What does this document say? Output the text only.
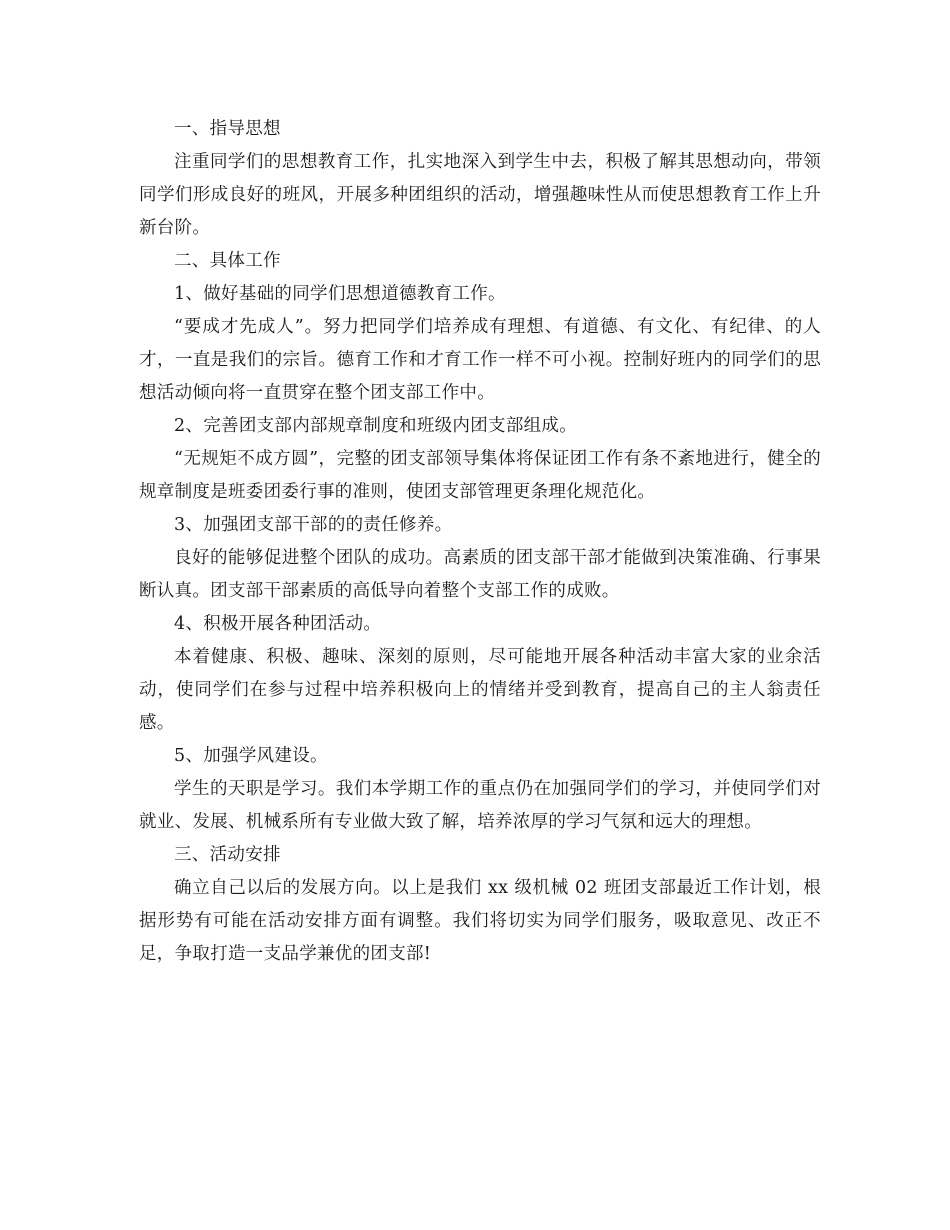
一、指导思想

注重同学们的思想教育工作，扎实地深入到学生中去，积极了解其思想动向，带领同学们形成良好的班风，开展多种团组织的活动，增强趣味性从而使思想教育工作上升新台阶。

二、具体工作

1、做好基础的同学们思想道德教育工作。

“要成才先成人”。努力把同学们培养成有理想、有道德、有文化、有纪律、的人才，一直是我们的宗旨。德育工作和才育工作一样不可小视。控制好班内的同学们的思想活动倾向将一直贯穿在整个团支部工作中。

2、完善团支部内部规章制度和班级内团支部组成。

“无规矩不成方圆”，完整的团支部领导集体将保证团工作有条不紊地进行，健全的规章制度是班委团委行事的准则，使团支部管理更条理化规范化。

3、加强团支部干部的的责任修养。

良好的能够促进整个团队的成功。高素质的团支部干部才能做到决策准确、行事果断认真。团支部干部素质的高低导向着整个支部工作的成败。

4、积极开展各种团活动。

本着健康、积极、趣味、深刻的原则，尽可能地开展各种活动丰富大家的业余活动，使同学们在参与过程中培养积极向上的情绪并受到教育，提高自己的主人翁责任感。

5、加强学风建设。

学生的天职是学习。我们本学期工作的重点仍在加强同学们的学习，并使同学们对就业、发展、机械系所有专业做大致了解，培养浓厚的学习气氛和远大的理想。

三、活动安排

确立自己以后的发展方向。以上是我们 xx 级机械 02 班团支部最近工作计划，根据形势有可能在活动安排方面有调整。我们将切实为同学们服务，吸取意见、改正不足，争取打造一支品学兼优的团支部!
